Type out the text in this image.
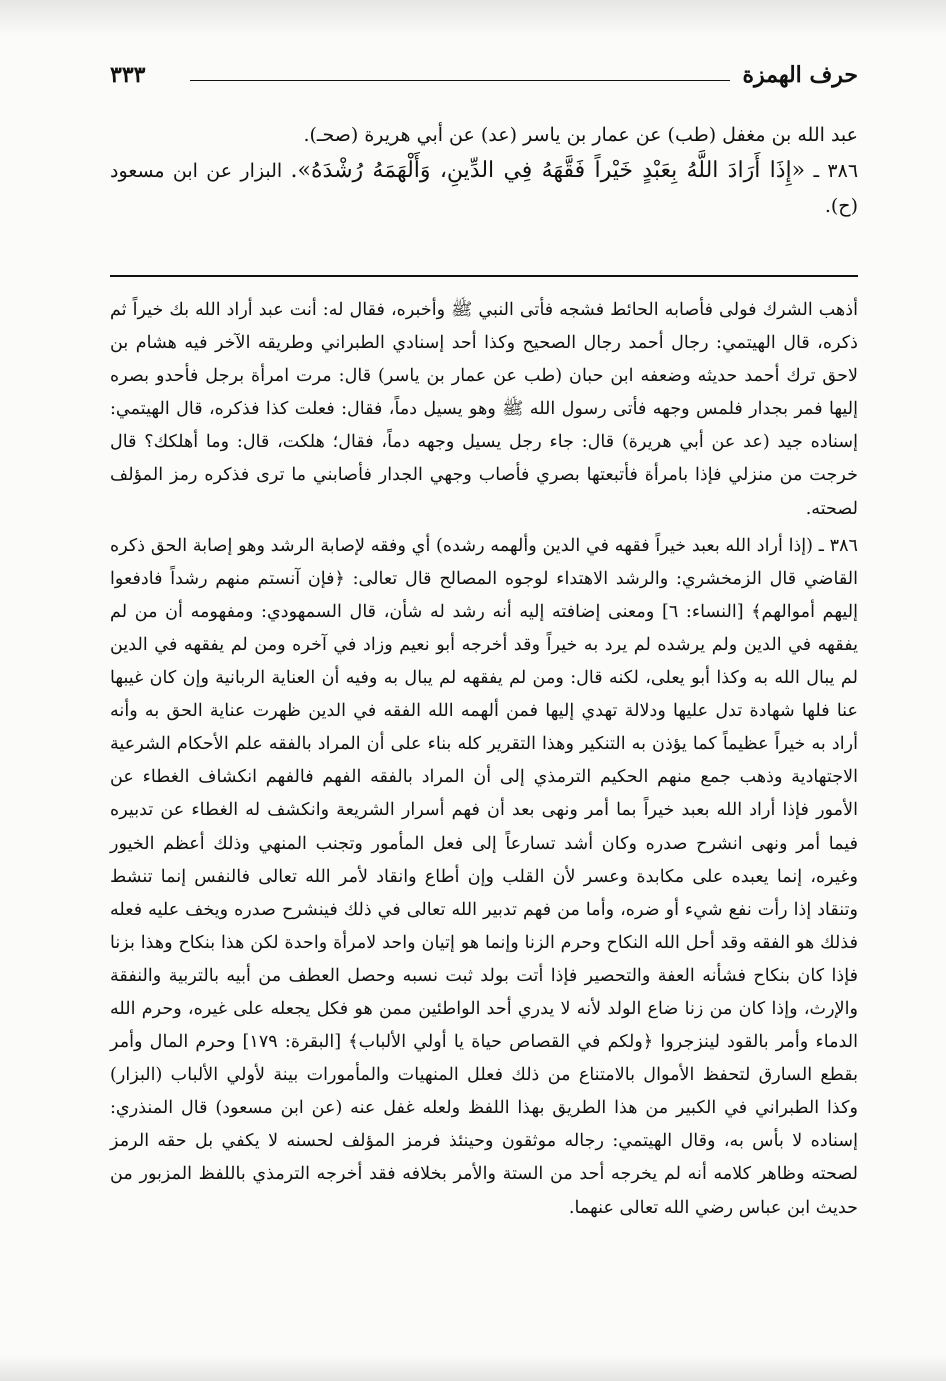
حرف الهمزة
٣٣٣

عبد الله بن مغفل (طب) عن عمار بن ياسر (عد) عن أبي هريرة (صحـ).

٣٨٦ ـ «إِذَا أَرَادَ اللَّهُ بِعَبْدٍ خَيْراً فَقَّهَهُ فِي الدِّينِ، وَأَلْهَمَهُ رُشْدَهُ». البزار عن ابن مسعود (ح).

أذهب الشرك فولى فأصابه الحائط فشجه فأتى النبي ﷺ وأخبره، فقال له: أنت عبد أراد الله بك خيراً ثم ذكره، قال الهيتمي: رجال أحمد رجال الصحيح وكذا أحد إسنادي الطبراني وطريقه الآخر فيه هشام بن لاحق ترك أحمد حديثه وضعفه ابن حبان (طب عن عمار بن ياسر) قال: مرت امرأة برجل فأحدو بصره إليها فمر بجدار فلمس وجهه فأتى رسول الله ﷺ وهو يسيل دماً، فقال: فعلت كذا فذكره، قال الهيتمي: إسناده جيد (عد عن أبي هريرة) قال: جاء رجل يسيل وجهه دماً، فقال؛ هلكت، قال: وما أهلكك؟ قال خرجت من منزلي فإذا بامرأة فأتبعتها بصري فأصاب وجهي الجدار فأصابني ما ترى فذكره رمز المؤلف لصحته.

٣٨٦ ـ (إذا أراد الله بعبد خيراً فقهه في الدين وألهمه رشده) أي وفقه لإصابة الرشد وهو إصابة الحق ذكره القاضي قال الزمخشري: والرشد الاهتداء لوجوه المصالح قال تعالى: ﴿فإن آنستم منهم رشداً فادفعوا إليهم أموالهم﴾ [النساء: ٦] ومعنى إضافته إليه أنه رشد له شأن، قال السمهودي: ومفهومه أن من لم يفقهه في الدين ولم يرشده لم يرد به خيراً وقد أخرجه أبو نعيم وزاد في آخره ومن لم يفقهه في الدين لم يبال الله به وكذا أبو يعلى، لكنه قال: ومن لم يفقهه لم يبال به وفيه أن العناية الربانية وإن كان غيبها عنا فلها شهادة تدل عليها ودلالة تهدي إليها فمن ألهمه الله الفقه في الدين ظهرت عناية الحق به وأنه أراد به خيراً عظيماً كما يؤذن به التنكير وهذا التقرير كله بناء على أن المراد بالفقه علم الأحكام الشرعية الاجتهادية وذهب جمع منهم الحكيم الترمذي إلى أن المراد بالفقه الفهم فالفهم انكشاف الغطاء عن الأمور فإذا أراد الله بعبد خيراً بما أمر ونهى بعد أن فهم أسرار الشريعة وانكشف له الغطاء عن تدبيره فيما أمر ونهى انشرح صدره وكان أشد تسارعاً إلى فعل المأمور وتجنب المنهي وذلك أعظم الخيور وغيره، إنما يعبده على مكابدة وعسر لأن القلب وإن أطاع وانقاد لأمر الله تعالى فالنفس إنما تنشط وتنقاد إذا رأت نفع شيء أو ضره، وأما من فهم تدبير الله تعالى في ذلك فينشرح صدره ويخف عليه فعله فذلك هو الفقه وقد أحل الله النكاح وحرم الزنا وإنما هو إتيان واحد لامرأة واحدة لكن هذا بنكاح وهذا بزنا فإذا كان بنكاح فشأنه العفة والتحصير فإذا أتت بولد ثبت نسبه وحصل العطف من أبيه بالتربية والنفقة والإرث، وإذا كان من زنا ضاع الولد لأنه لا يدري أحد الواطئين ممن هو فكل يجعله على غيره، وحرم الله الدماء وأمر بالقود لينزجروا ﴿ولكم في القصاص حياة يا أولي الألباب﴾ [البقرة: ١٧٩] وحرم المال وأمر بقطع السارق لتحفظ الأموال بالامتناع من ذلك فعلل المنهيات والمأمورات بينة لأولي الألباب (البزار) وكذا الطبراني في الكبير من هذا الطريق بهذا اللفظ ولعله غفل عنه (عن ابن مسعود) قال المنذري: إسناده لا بأس به، وقال الهيتمي: رجاله موثقون وحينئذ فرمز المؤلف لحسنه لا يكفي بل حقه الرمز لصحته وظاهر كلامه أنه لم يخرجه أحد من الستة والأمر بخلافه فقد أخرجه الترمذي باللفظ المزبور من حديث ابن عباس رضي الله تعالى عنهما.
